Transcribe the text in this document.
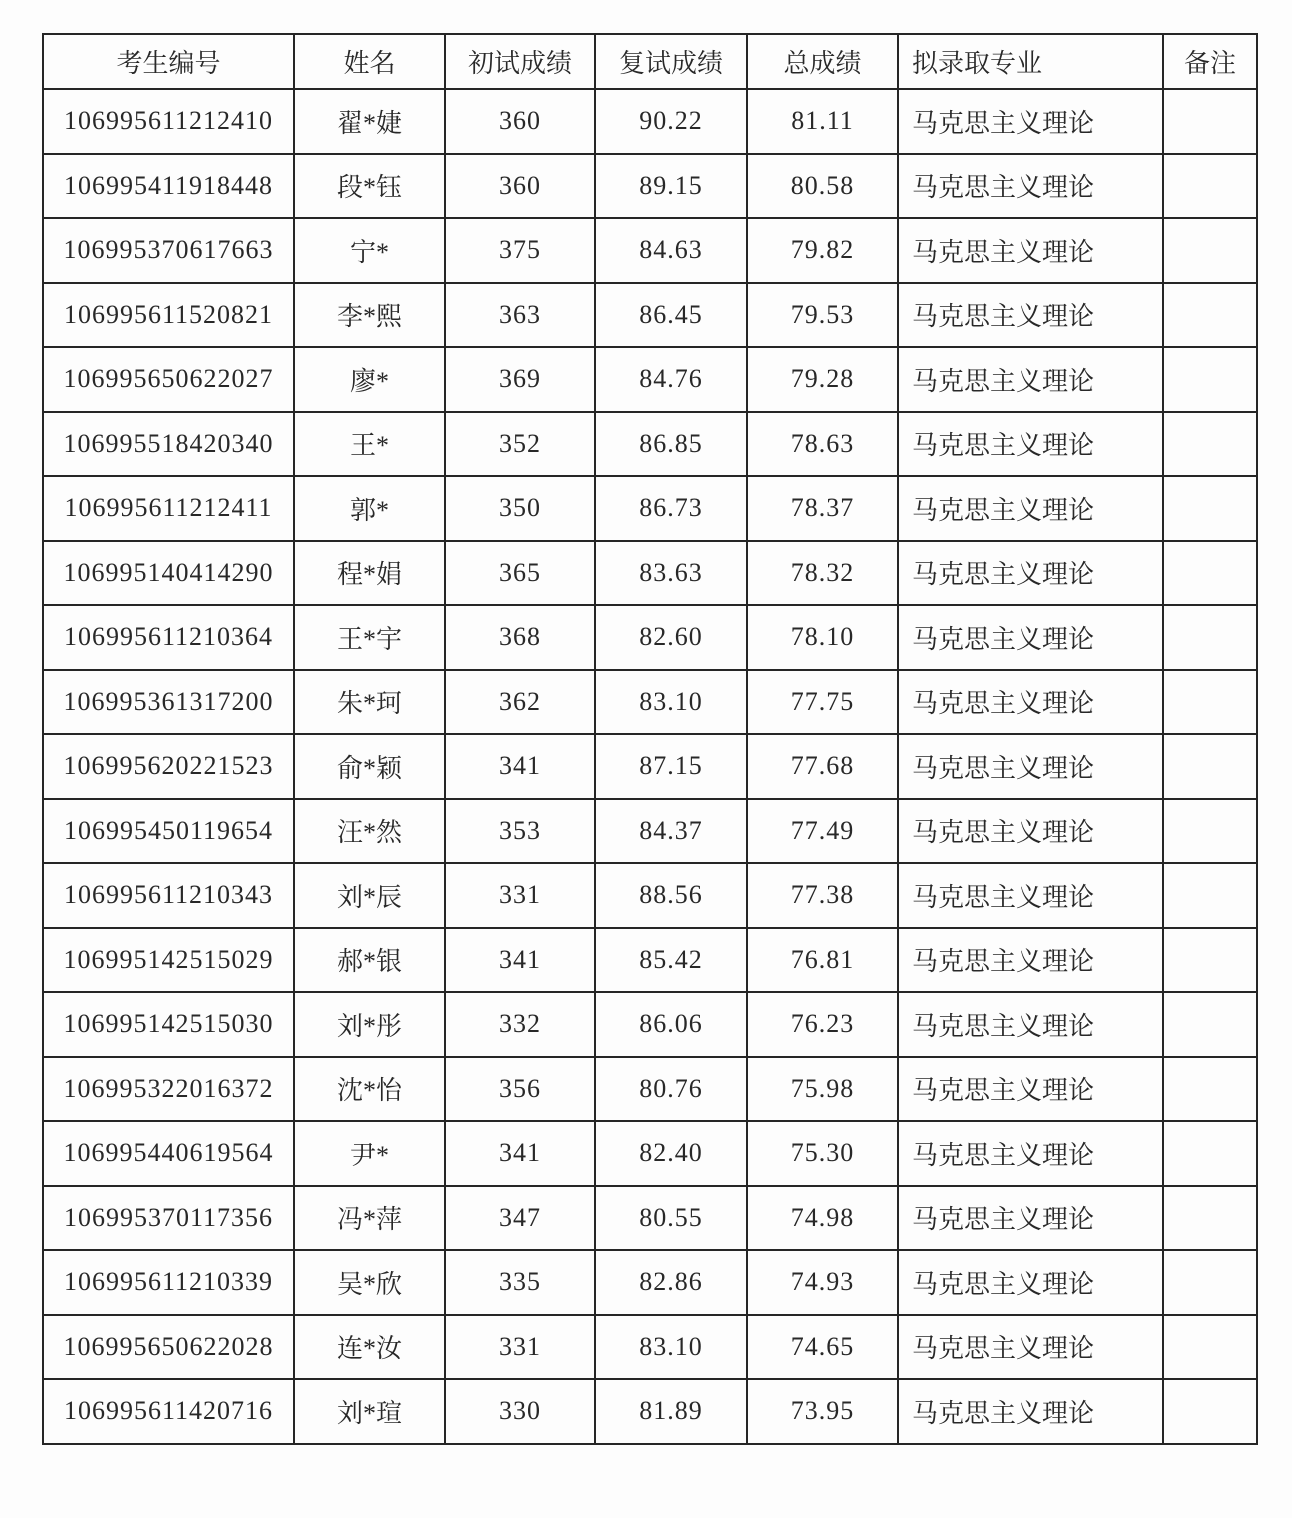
考生编号	姓名	初试成绩	复试成绩	总成绩	拟录取专业	备注
106995611212410	翟*婕	360	90.22	81.11	马克思主义理论	
106995411918448	段*钰	360	89.15	80.58	马克思主义理论	
106995370617663	宁*	375	84.63	79.82	马克思主义理论	
106995611520821	李*熙	363	86.45	79.53	马克思主义理论	
106995650622027	廖*	369	84.76	79.28	马克思主义理论	
106995518420340	王*	352	86.85	78.63	马克思主义理论	
106995611212411	郭*	350	86.73	78.37	马克思主义理论	
106995140414290	程*娟	365	83.63	78.32	马克思主义理论	
106995611210364	王*宇	368	82.60	78.10	马克思主义理论	
106995361317200	朱*珂	362	83.10	77.75	马克思主义理论	
106995620221523	俞*颖	341	87.15	77.68	马克思主义理论	
106995450119654	汪*然	353	84.37	77.49	马克思主义理论	
106995611210343	刘*辰	331	88.56	77.38	马克思主义理论	
106995142515029	郝*银	341	85.42	76.81	马克思主义理论	
106995142515030	刘*彤	332	86.06	76.23	马克思主义理论	
106995322016372	沈*怡	356	80.76	75.98	马克思主义理论	
106995440619564	尹*	341	82.40	75.30	马克思主义理论	
106995370117356	冯*萍	347	80.55	74.98	马克思主义理论	
106995611210339	吴*欣	335	82.86	74.93	马克思主义理论	
106995650622028	连*汝	331	83.10	74.65	马克思主义理论	
106995611420716	刘*瑄	330	81.89	73.95	马克思主义理论	
